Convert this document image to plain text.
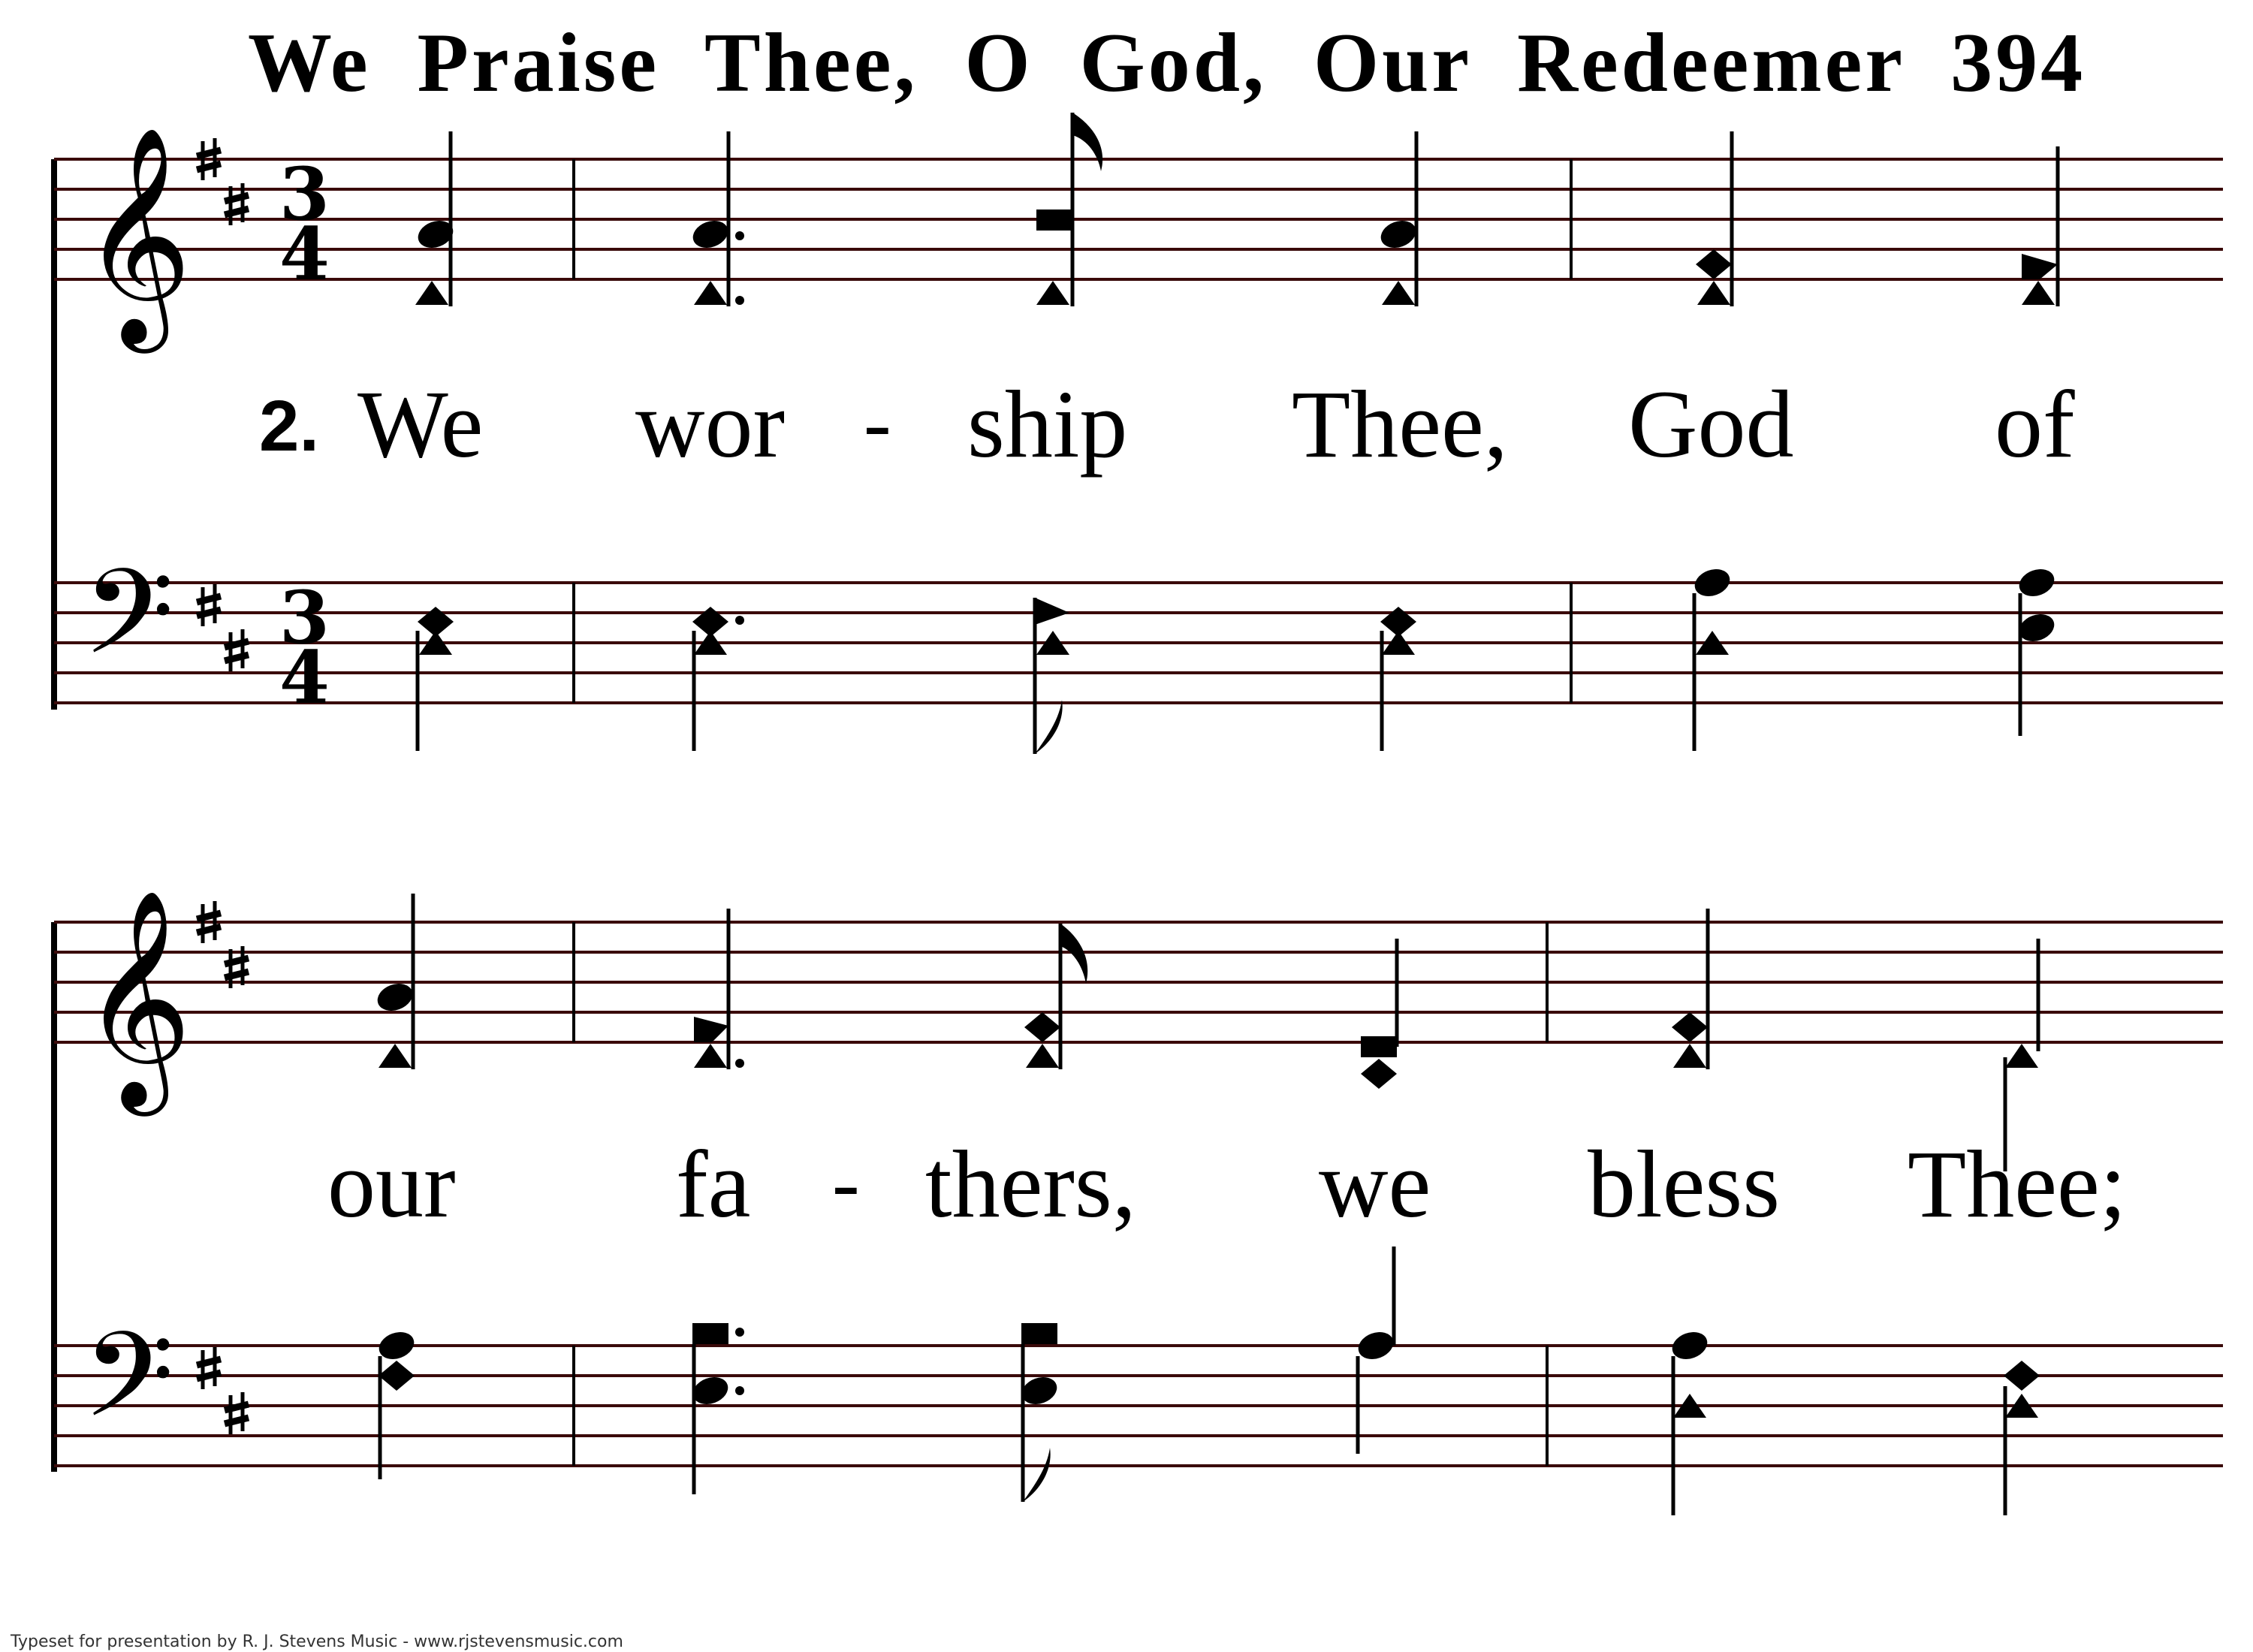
We Praise Thee, O God, Our Redeemer 394
𝄞 3
4
2. We wor - ship Thee, God of
𝄢 3
4
𝄞
our fa - thers, we bless Thee;
𝄢
Typeset for presentation by R. J. Stevens Music - www.rjstevensmusic.com
